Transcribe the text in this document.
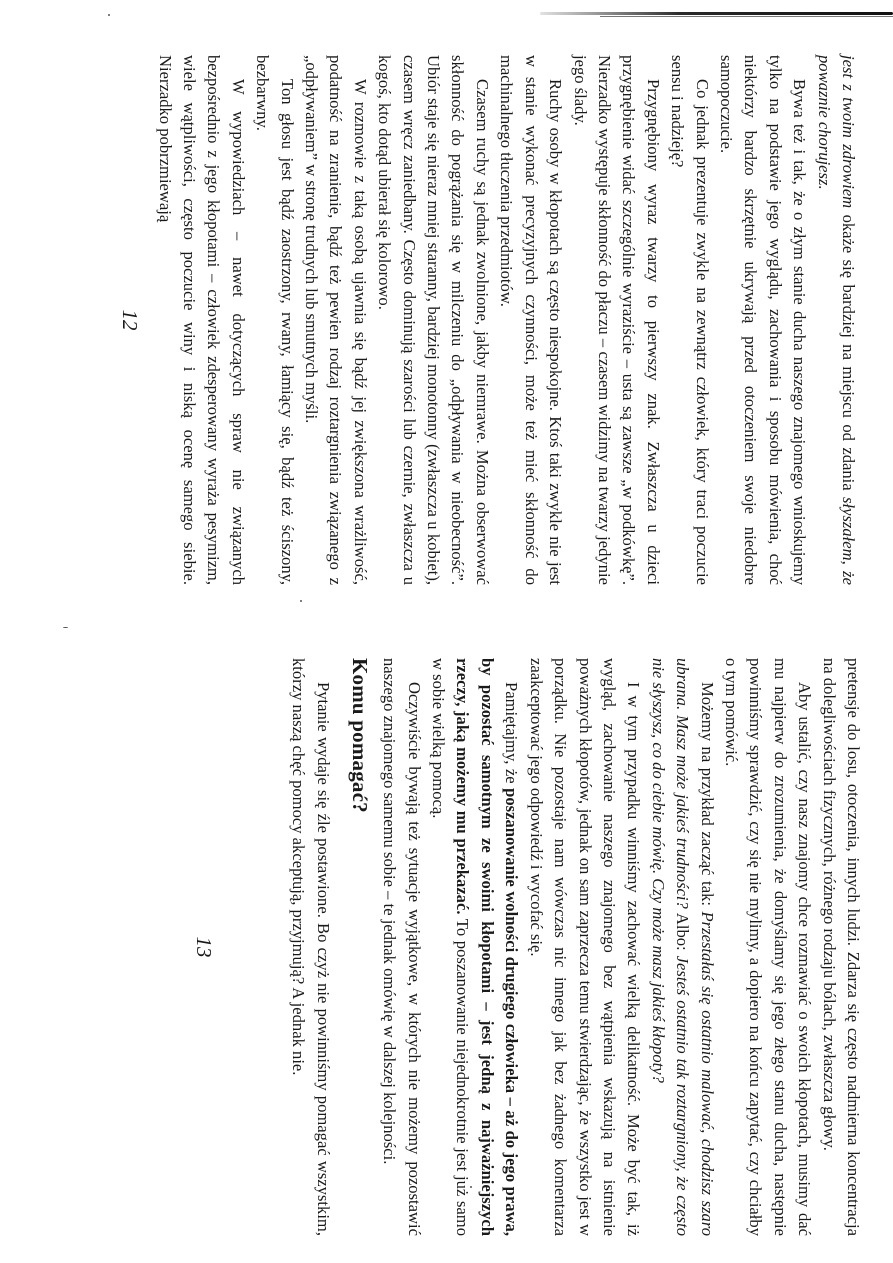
jest z twoim zdrowiem okaże się bardziej na miejscu od zdania słyszałem, że powaznie chorujesz.

Bywa też i tak, że o złym stanie ducha naszego znajomego wnioskujemy tylko na podstawie jego wyglądu, zachowania i sposobu mówienia, choć niektórzy bardzo skrzętnie ukrywają przed otoczeniem swoje niedobre samopoczucie.

Co jednak prezentuje zwykle na zewnątrz człowiek, który traci poczucie sensu i nadzieję?

Przygnębiony wyraz twarzy to pierwszy znak. Zwłaszcza u dzieci przygnębienie widać szczególnie wyraziście – usta są zawsze „w podkówkę”. Nierzadko występuje skłonność do płaczu – czasem widzimy na twarzy jedynie jego ślady.

Ruchy osoby w kłopotach są często niespokojne. Ktoś taki zwykle nie jest w stanie wykonać precyzyjnych czynności, może też mieć skłonność do machinalnego tłuczenia przedmiotów.

Czasem ruchy są jednak zwolnione, jakby niemrawe. Można obserwować skłonność do pogrążania się w milczeniu do „odpływania w nieobecność”. Ubiór staje się nieraz mniej staranny, bardziej monotonny (zwłaszcza u kobiet), czasem wręcz zaniedbany. Często dominują szarości lub czernie, zwłaszcza u kogoś, kto dotąd ubierał się kolorowo.

W rozmowie z taką osobą ujawnia się bądź jej zwiększona wrażliwość, podatność na zranienie, bądź też pewien rodzaj roztargnienia związanego z „odpływaniem” w stronę trudnych lub smutnych myśli.

Ton głosu jest bądź zaostrzony, rwany, łamiący się, bądź też ściszony, bezbarwny.

W wypowiedziach – nawet dotyczących spraw nie związanych bezpośrednio z jego kłopotami – człowiek zdesperowany wyraża pesymizm, wiele wątpliwości, często poczucie winy i niską ocenę samego siebie. Nierzadko pobrzmiewają

12

pretensje do losu, otoczenia, innych ludzi. Zdarza się często nadmierna koncentracja na dolegliwościach fizycznych, różnego rodzaju bólach, zwłaszcza głowy.

Aby ustalić, czy nasz znajomy chce rozmawiać o swoich kłopotach, musimy dać mu najpierw do zrozumienia, że domyślamy się jego złego stanu ducha, następnie powinniśmy sprawdzić, czy się nie mylimy, a dopiero na końcu zapytać, czy chciałby o tym pomówić.

Możemy na przykład zacząć tak: Przestałaś się ostatnio malować, chodzisz szaro ubrana. Masz może jakieś trudności? Albo: Jesteś ostatnio tak roztargniony, że często nie słyszysz, co do ciebie mówię. Czy może masz jakieś kłopoty?

I w tym przypadku winniśmy zachować wielką delikatność. Może być tak, iż wygląd, zachowanie naszego znajomego bez wątpienia wskazują na istnienie poważnych kłopotów, jednak on sam zaprzecza temu stwierdzając, że wszystko jest w porządku. Nie pozostaje nam wówczas nic innego jak bez żadnego komentarza zaakceptować jego odpowiedź i wycofać się.

Pamiętajmy, że poszanowanie wolności drugiego człowieka – aż do jego prawa, by pozostać samotnym ze swoimi kłopotami – jest jedną z najważniejszych rzeczy, jaką możemy mu przekazać. To poszanowanie niejednokrotnie jest już samo w sobie wielką pomocą.

Oczywiście bywają też sytuacje wyjątkowe, w których nie możemy pozostawić naszego znajomego samemu sobie – te jednak omówię w dalszej kolejności.

Komu pomagać?

Pytanie wydaje się źle postawione. Bo czyż nie powinniśmy pomagać wszystkim, którzy naszą chęć pomocy akceptują, przyjmują? A jednak nie.

13
